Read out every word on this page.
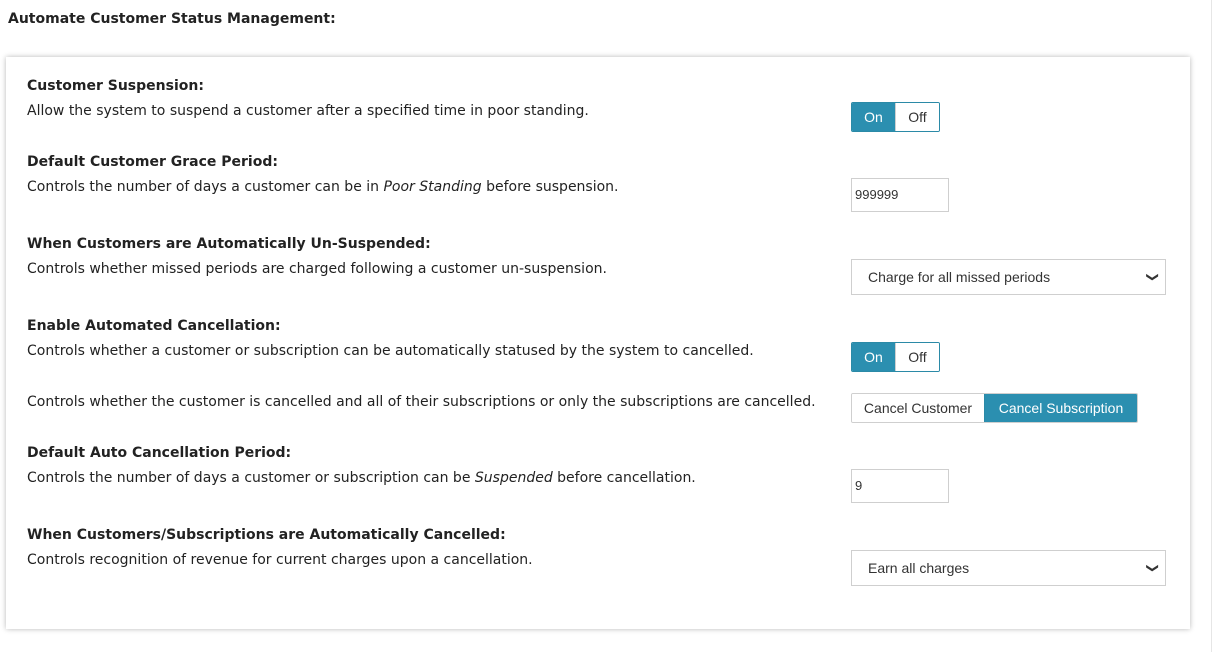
Automate Customer Status Management:
Customer Suspension:
Allow the system to suspend a customer after a specified time in poor standing.	On	Off
Default Customer Grace Period:
Controls the number of days a customer can be in Poor Standing before suspension.	999999
When Customers are Automatically Un-Suspended:
Controls whether missed periods are charged following a customer un-suspension.	Charge for all missed periods	❯
Enable Automated Cancellation:
Controls whether a customer or subscription can be automatically statused by the system to cancelled.	On	Off
Controls whether the customer is cancelled and all of their subscriptions or only the subscriptions are cancelled.	Cancel Customer	Cancel Subscription
Default Auto Cancellation Period:
Controls the number of days a customer or subscription can be Suspended before cancellation.	9
When Customers/Subscriptions are Automatically Cancelled:
Controls recognition of revenue for current charges upon a cancellation.	Earn all charges	❯
